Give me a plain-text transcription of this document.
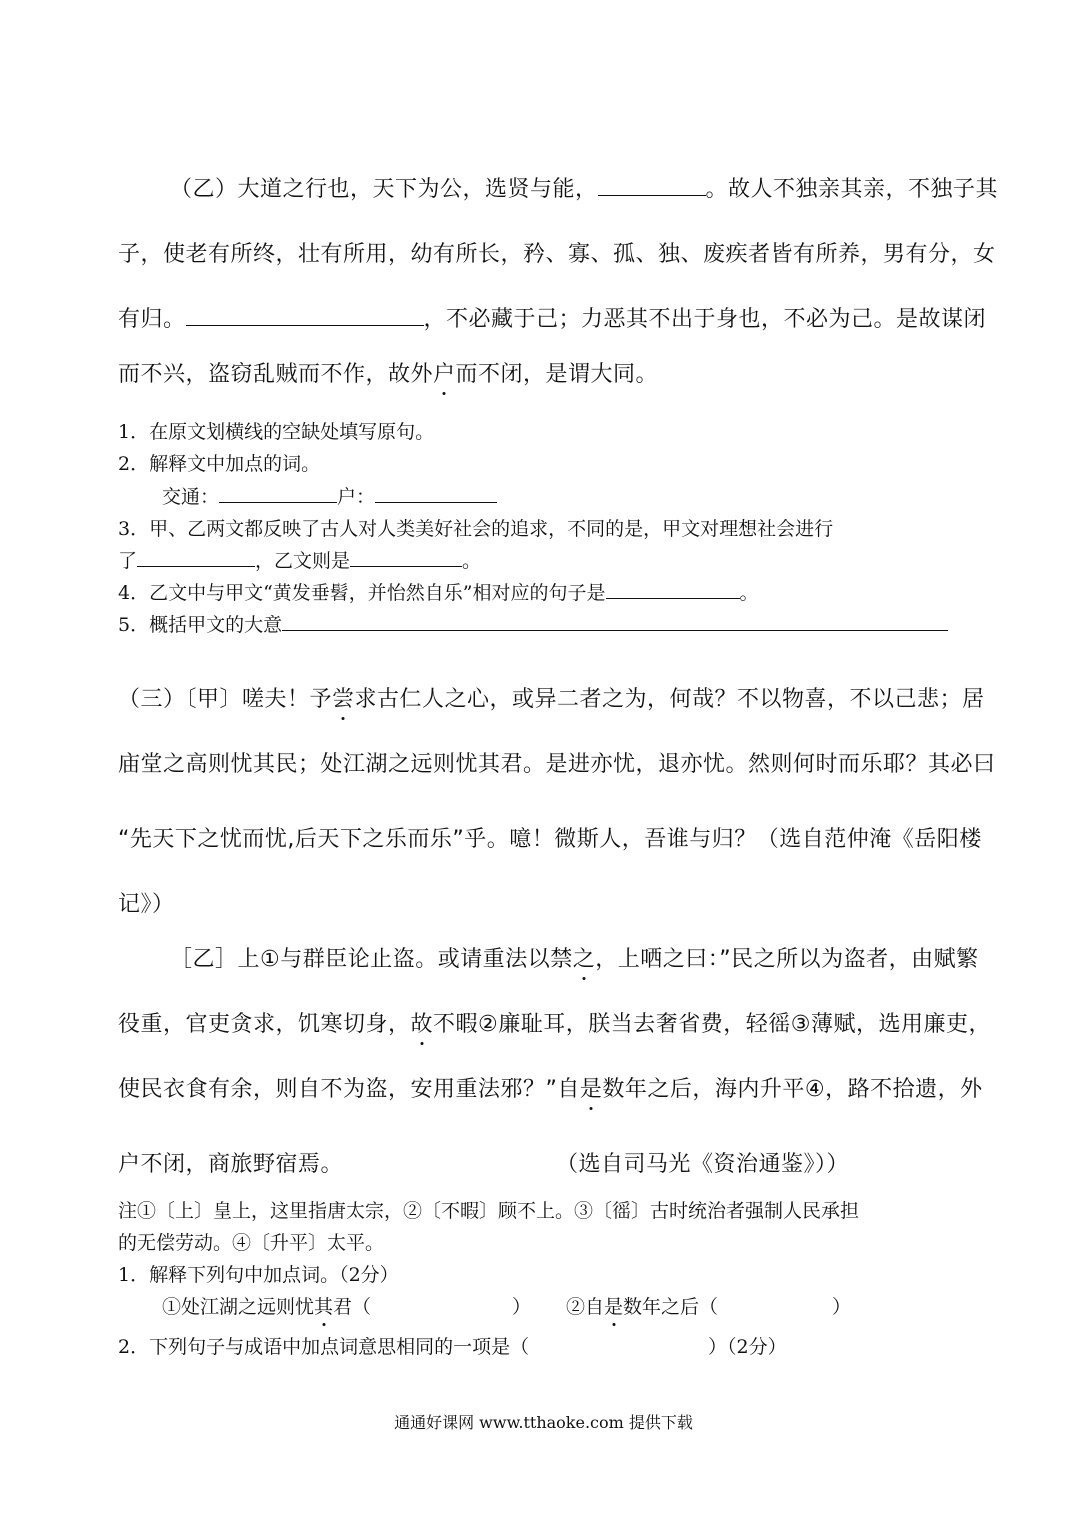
（乙）大道之行也，天下为公，选贤与能，	。故人不独亲其亲，不独子其
子，使老有所终，壮有所用，幼有所长，矜、寡、孤、独、废疾者皆有所养，男有分，女
有归。	，不必藏于己；力恶其不出于身也，不必为己。是故谋闭
而不兴，盗窃乱贼而不作，故外户而不闭，是谓大同。
1．在原文划横线的空缺处填写原句。
2．解释文中加点的词。
交通：	户：
3．甲、乙两文都反映了古人对人类美好社会的追求，不同的是，甲文对理想社会进行
了	，乙文则是	。
4．乙文中与甲文“黄发垂髫，并怡然自乐”相对应的句子是	。
5．概括甲文的大意
（三）〔甲〕嗟夫！予尝求古仁人之心，或异二者之为，何哉？不以物喜，不以己悲；居
庙堂之高则忧其民；处江湖之远则忧其君。是进亦忧，退亦忧。然则何时而乐耶？其必曰
“先天下之忧而忧,后天下之乐而乐”乎。噫！微斯人，吾谁与归？（选自范仲淹《岳阳楼
记》）
［乙］上①与群臣论止盗。或请重法以禁之，上哂之曰：”民之所以为盗者，由赋繁
役重，官吏贪求，饥寒切身，故不暇②廉耻耳，朕当去奢省费，轻徭③薄赋，选用廉吏，
使民衣食有余，则自不为盗，安用重法邪？”自是数年之后，海内升平④，路不拾遗，外
户不闭，商旅野宿焉。	（选自司马光《资治通鉴》））
注①〔上〕皇上，这里指唐太宗，②〔不暇〕顾不上。③〔徭〕古时统治者强制人民承担
的无偿劳动。④〔升平〕太平。
1．解释下列句中加点词。（2分）
①处江湖之远则忧其君（	） ②自是数年之后（	）
2．下列句子与成语中加点词意思相同的一项是（	）（2分）
通通好课网 www.tthaoke.com 提供下载
